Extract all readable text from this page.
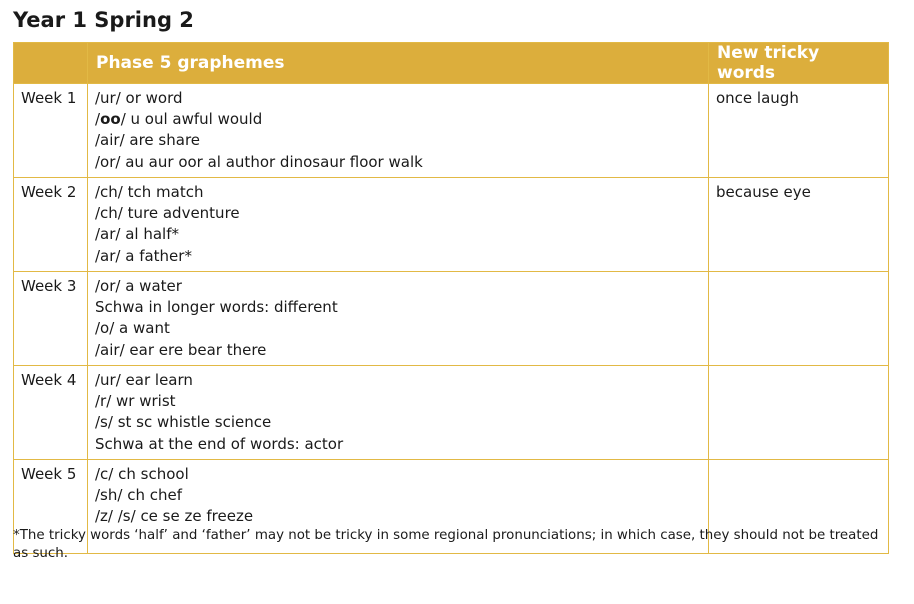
Year 1 Spring 2
	Phase 5 graphemes	New tricky words
Week 1	/ur/ or word
/oo/ u oul awful would
/air/ are share
/or/ au aur oor al author dinosaur floor walk	once laugh
Week 2	/ch/ tch match
/ch/ ture adventure
/ar/ al half*
/ar/ a father*	because eye
Week 3	/or/ a water
Schwa in longer words: different
/o/ a want
/air/ ear ere bear there	

Week 4	/ur/ ear learn
/r/ wr wrist
/s/ st sc whistle science
Schwa at the end of words: actor	

Week 5	/c/ ch school
/sh/ ch chef
/z/ /s/ ce se ze freeze	

*The tricky words ‘half’ and ‘father’ may not be tricky in some regional pronunciations; in which case, they should not be treated as such.
